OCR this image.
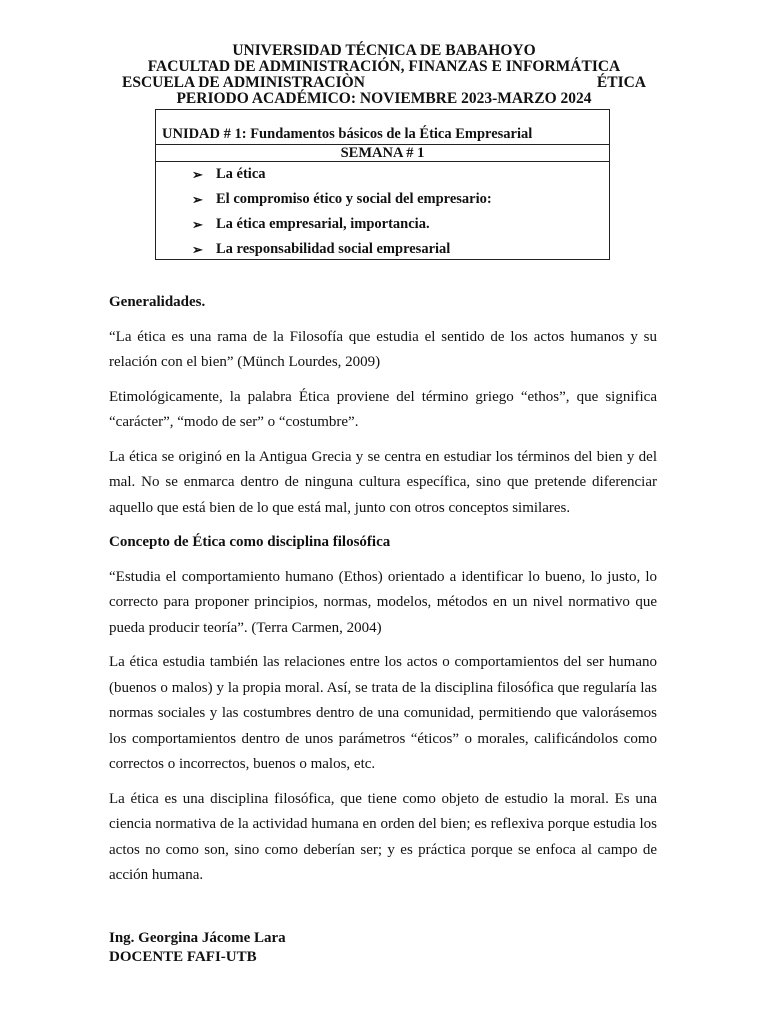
UNIVERSIDAD TÉCNICA DE BABAHOYO
FACULTAD DE ADMINISTRACIÓN, FINANZAS E INFORMÁTICA
ESCUELA DE ADMINISTRACIÒN	ÉTICA
PERIODO ACADÉMICO: NOVIEMBRE 2023-MARZO 2024
UNIDAD # 1: Fundamentos básicos de la Ética Empresarial
SEMANA # 1
➢ La ética
➢ El compromiso ético y social del empresario:
➢ La ética empresarial, importancia.
➢ La responsabilidad social empresarial

Generalidades.

“La ética es una rama de la Filosofía que estudia el sentido de los actos humanos y su relación con el bien” (Münch Lourdes, 2009)

Etimológicamente, la palabra Ética proviene del término griego “ethos”, que significa “carácter”, “modo de ser” o “costumbre”.

La ética se originó en la Antigua Grecia y se centra en estudiar los términos del bien y del mal. No se enmarca dentro de ninguna cultura específica, sino que pretende diferenciar aquello que está bien de lo que está mal, junto con otros conceptos similares.

Concepto de Ética como disciplina filosófica

“Estudia el comportamiento humano (Ethos) orientado a identificar lo bueno, lo justo, lo correcto para proponer principios, normas, modelos, métodos en un nivel normativo que pueda producir teoría”. (Terra Carmen, 2004)

La ética estudia también las relaciones entre los actos o comportamientos del ser humano (buenos o malos) y la propia moral. Así, se trata de la disciplina filosófica que regularía las normas sociales y las costumbres dentro de una comunidad, permitiendo que valorásemos los comportamientos dentro de unos parámetros “éticos” o morales, calificándolos como correctos o incorrectos, buenos o malos, etc.

La ética es una disciplina filosófica, que tiene como objeto de estudio la moral. Es una ciencia normativa de la actividad humana en orden del bien; es reflexiva porque estudia los actos no como son, sino como deberían ser; y es práctica porque se enfoca al campo de acción humana.

Ing. Georgina Jácome Lara
DOCENTE FAFI-UTB
